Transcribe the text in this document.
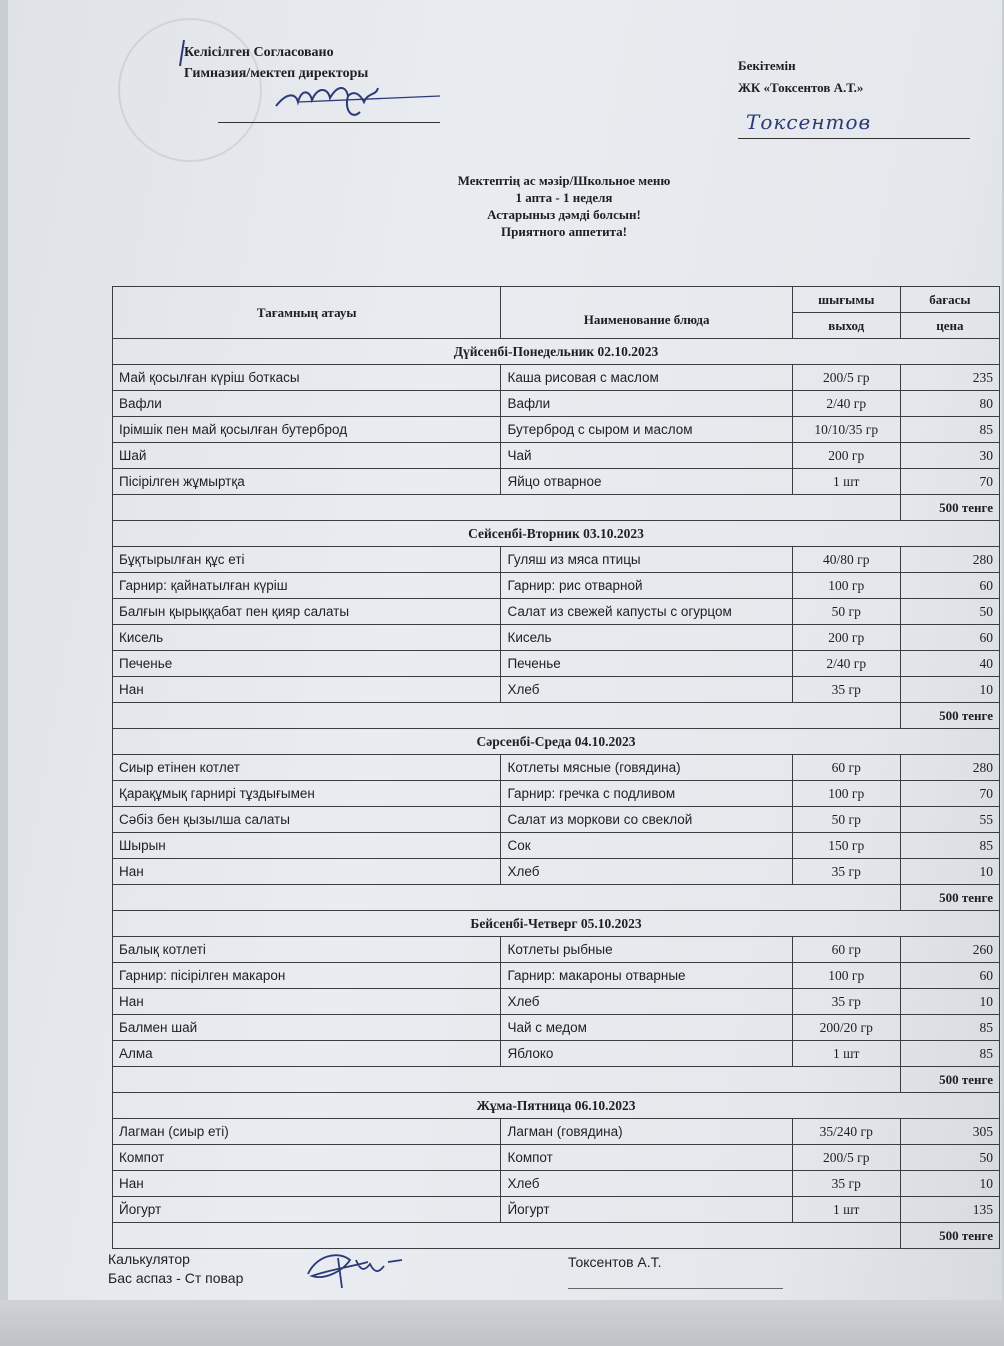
Келісілген Согласовано
Гимназия/мектеп директоры
Бекітемін
ЖК «Токсентов А.Т.»
Токсентов
Мектептің ас мәзір/Школьное меню
1 апта - 1 неделя
Астарыныз дәмді болсын!
Приятного аппетита!
Тағамның атауы	Наименование блюда	шығымы	бағасы
		выход	цена
Дүйсенбі-Понедельник 02.10.2023			
Май қосылған күріш боткасы	Каша рисовая с маслом	200/5 гр	235
Вафли	Вафли	2/40 гр	80
Ірімшік пен май қосылған бутерброд	Бутерброд с сыром и маслом	10/10/35 гр	85
Шай	Чай	200 гр	30
Пісірілген жұмыртқа	Яйцо отварное	1 шт	70
			500 тенге
Сейсенбі-Вторник 03.10.2023			
Бұқтырылған құс еті	Гуляш из мяса птицы	40/80 гр	280
Гарнир: қайнатылған күріш	Гарнир: рис отварной	100 гр	60
Балғын қырыққабат пен қияр салаты	Салат из свежей капусты с огурцом	50 гр	50
Кисель	Кисель	200 гр	60
Печенье	Печенье	2/40 гр	40
Нан	Хлеб	35 гр	10
			500 тенге
Сәрсенбі-Среда 04.10.2023			
Сиыр етінен котлет	Котлеты мясные (говядина)	60 гр	280
Қарақұмық гарнирі тұздығымен	Гарнир: гречка с подливом	100 гр	70
Сәбіз бен қызылша салаты	Салат из моркови со свеклой	50 гр	55
Шырын	Сок	150 гр	85
Нан	Хлеб	35 гр	10
			500 тенге
Бейсенбі-Четверг 05.10.2023			
Балық котлеті	Котлеты рыбные	60 гр	260
Гарнир: пісірілген макарон	Гарнир: макароны отварные	100 гр	60
Нан	Хлеб	35 гр	10
Балмен шай	Чай с медом	200/20 гр	85
Алма	Яблоко	1 шт	85
			500 тенге
Жұма-Пятница 06.10.2023			
Лагман (сиыр еті)	Лагман (говядина)	35/240 гр	305
Компот	Компот	200/5 гр	50
Нан	Хлеб	35 гр	10
Йогурт	Йогурт	1 шт	135
			500 тенге
Калькулятор
Бас аспаз - Ст повар
Токсентов А.Т.
